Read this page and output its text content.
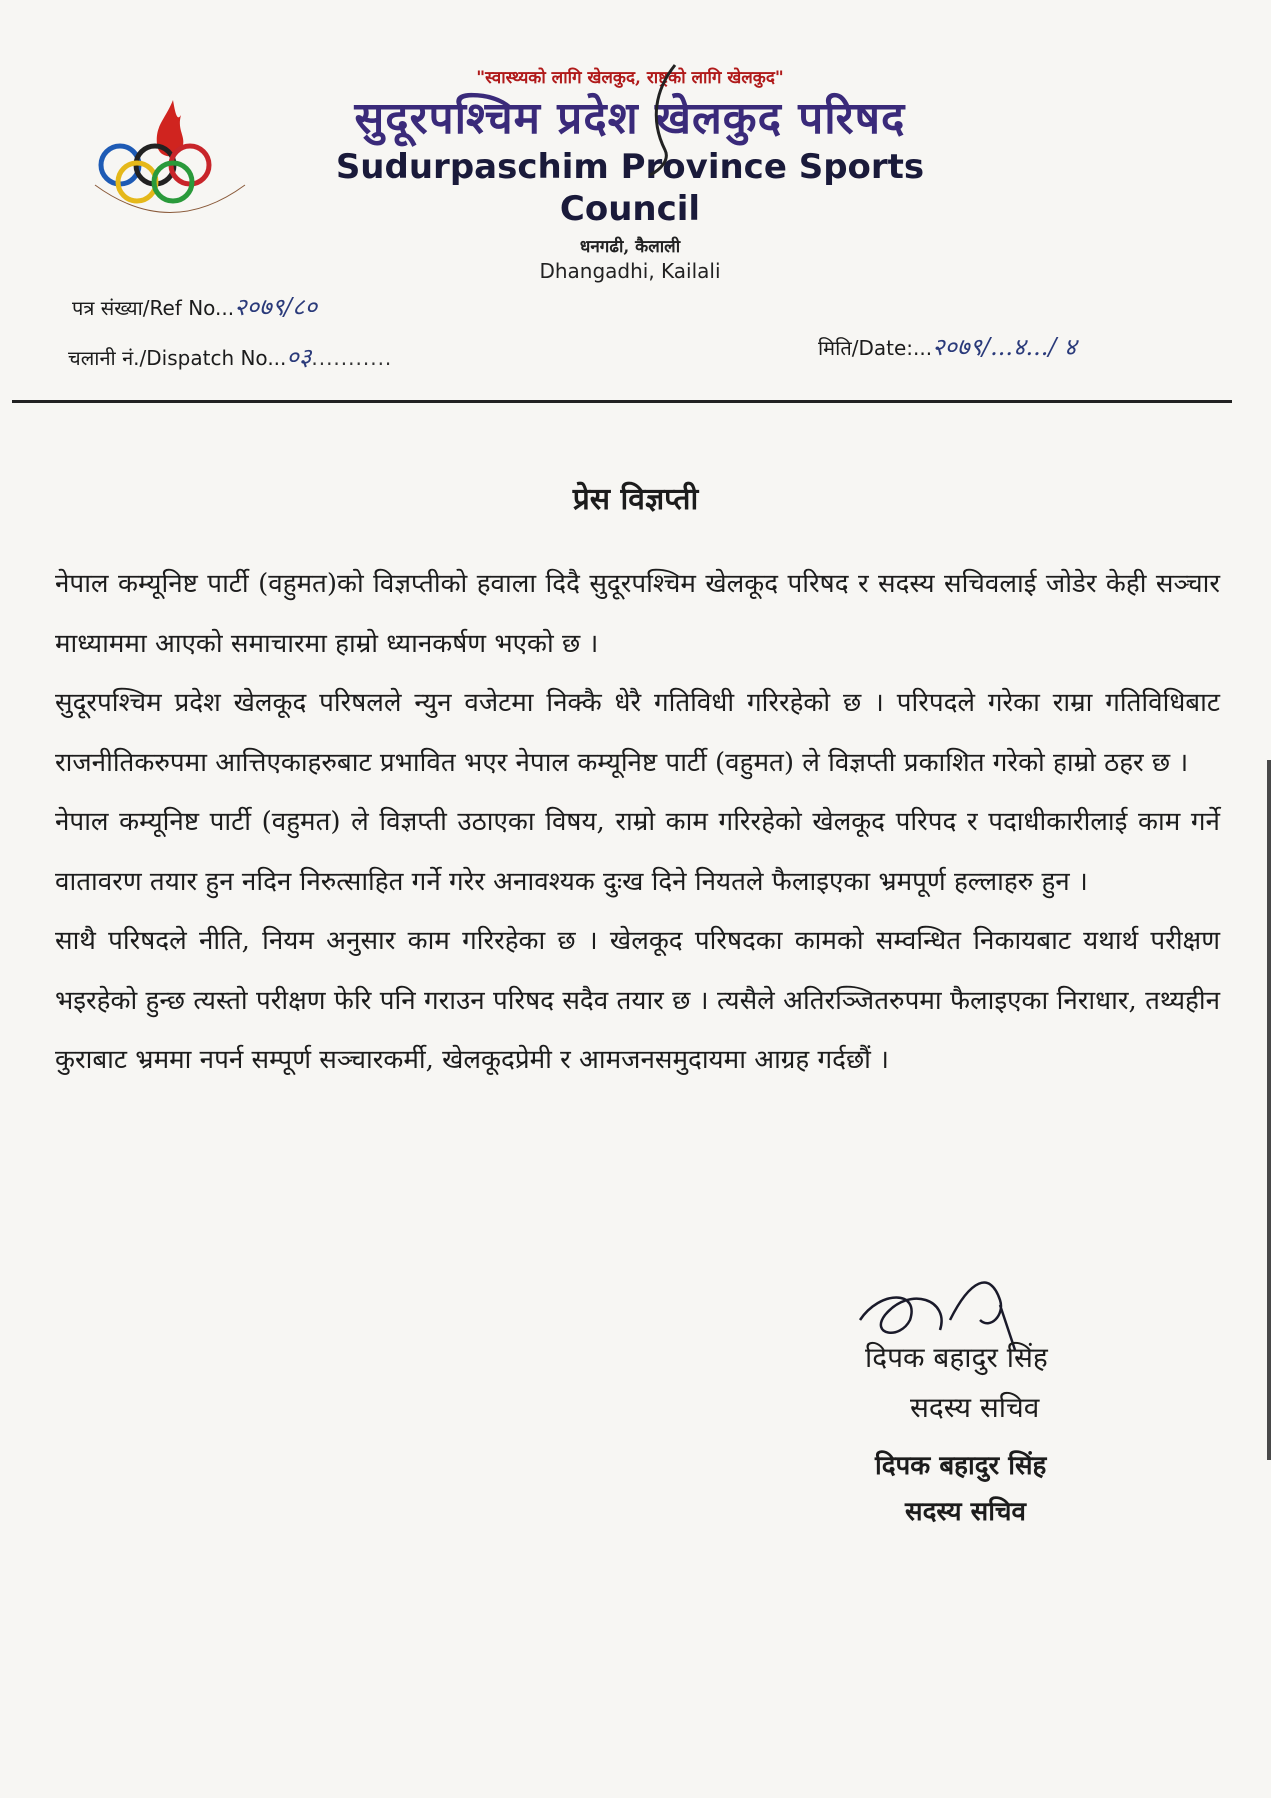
"स्वास्थ्यको लागि खेलकुद, राष्ट्रको लागि खेलकुद"
सुदूरपश्चिम प्रदेश खेलकुद परिषद
Sudurpaschim Province Sports Council
धनगढी, कैलाली
Dhangadhi, Kailali
पत्र संख्या/Ref No...२०७९/८०
चलानी नं./Dispatch No...०३...........	मिति/Date:...२०७९/...४.../ ४
प्रेस विज्ञप्ती

नेपाल कम्यूनिष्ट पार्टी (वहुमत)को विज्ञप्तीको हवाला दिदै सुदूरपश्चिम खेलकूद परिषद र सदस्य सचिवलाई जोडेर केही सञ्चार माध्याममा आएको समाचारमा हाम्रो ध्यानकर्षण भएको छ ।

सुदूरपश्चिम प्रदेश खेलकूद परिषलले न्युन वजेटमा निक्कै धेरै गतिविधी गरिरहेको छ । परिपदले गरेका राम्रा गतिविधिबाट राजनीतिकरुपमा आत्तिएकाहरुबाट प्रभावित भएर नेपाल कम्यूनिष्ट पार्टी (वहुमत) ले विज्ञप्ती प्रकाशित गरेको हाम्रो ठहर छ ।

नेपाल कम्यूनिष्ट पार्टी (वहुमत) ले विज्ञप्ती उठाएका विषय, राम्रो काम गरिरहेको खेलकूद परिपद र पदाधीकारीलाई काम गर्ने वातावरण तयार हुन नदिन निरुत्साहित गर्ने गरेर अनावश्यक दुःख दिने नियतले फैलाइएका भ्रमपूर्ण हल्लाहरु हुन ।

साथै परिषदले नीति, नियम अनुसार काम गरिरहेका छ । खेलकूद परिषदका कामको सम्वन्धित निकायबाट यथार्थ परीक्षण भइरहेको हुन्छ त्यस्तो परीक्षण फेरि पनि गराउन परिषद सदैव तयार छ । त्यसैले अतिरञ्जितरुपमा फैलाइएका निराधार, तथ्यहीन कुराबाट भ्रममा नपर्न सम्पूर्ण सञ्चारकर्मी, खेलकूदप्रेमी र आमजनसमुदायमा आग्रह गर्दछौं ।

दिपक बहादुर सिंह
सदस्य सचिव
दिपक बहादुर सिंह
सदस्य सचिव
